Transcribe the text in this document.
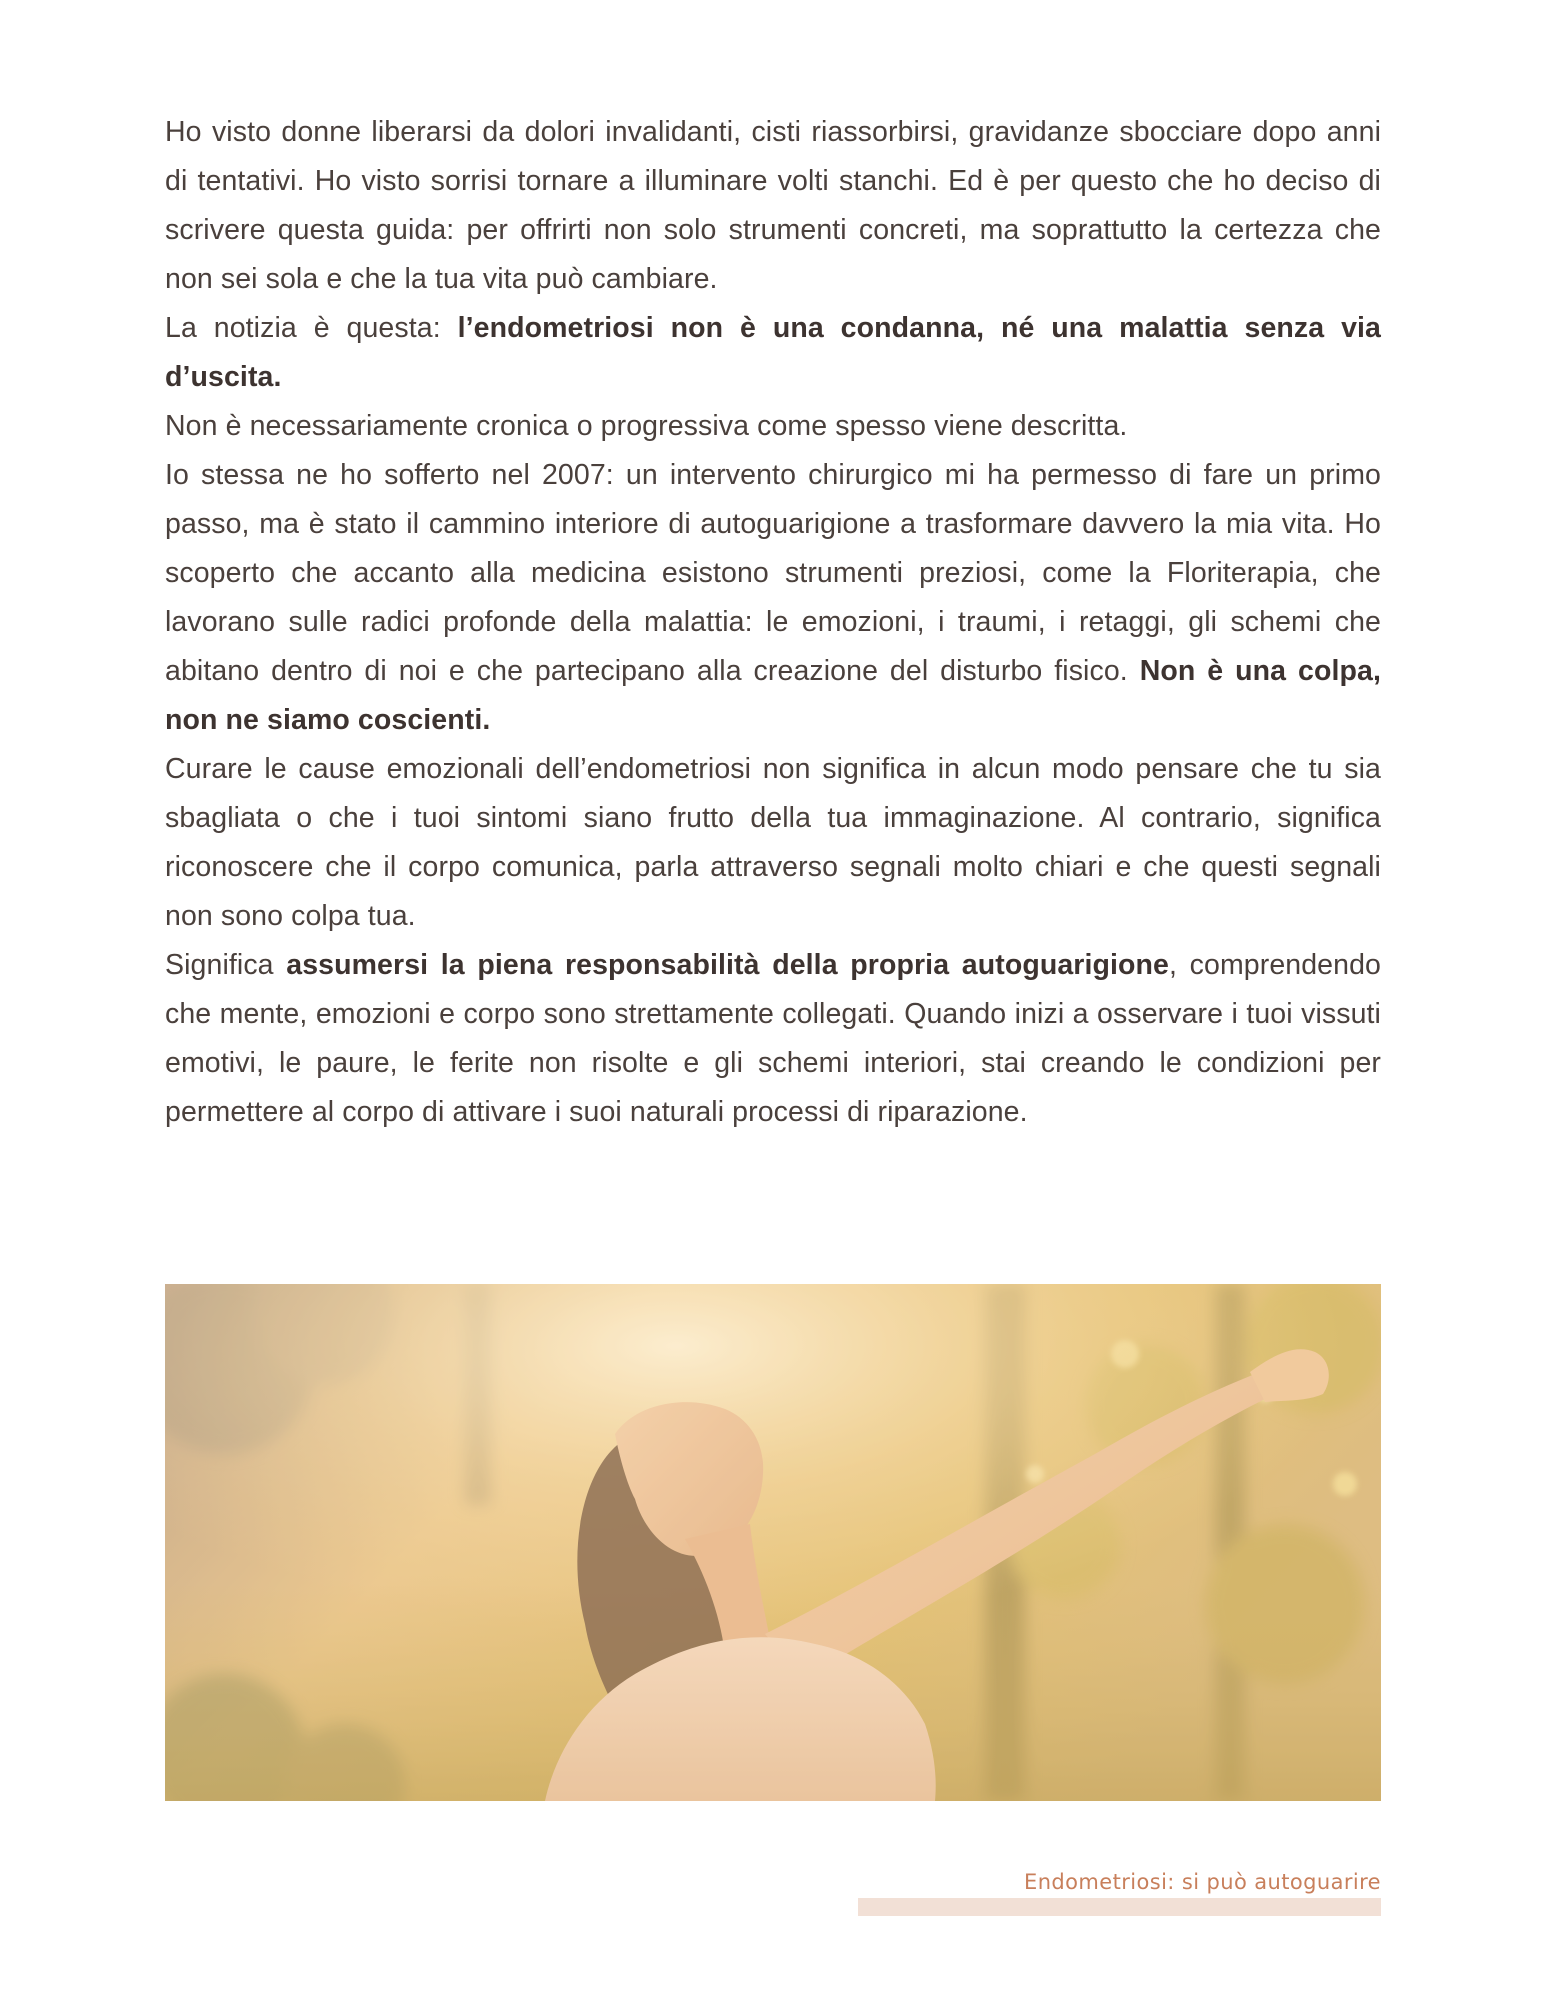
Ho visto donne liberarsi da dolori invalidanti, cisti riassorbirsi, gravidanze sbocciare dopo anni di tentativi. Ho visto sorrisi tornare a illuminare volti stanchi. Ed è per questo che ho deciso di scrivere questa guida: per offrirti non solo strumenti concreti, ma soprattutto la certezza che non sei sola e che la tua vita può cambiare.

La notizia è questa: l’endometriosi non è una condanna, né una malattia senza via d’uscita.

Non è necessariamente cronica o progressiva come spesso viene descritta.

Io stessa ne ho sofferto nel 2007: un intervento chirurgico mi ha permesso di fare un primo passo, ma è stato il cammino interiore di autoguarigione a trasformare davvero la mia vita. Ho scoperto che accanto alla medicina esistono strumenti preziosi, come la Floriterapia, che lavorano sulle radici profonde della malattia: le emozioni, i traumi, i retaggi, gli schemi che abitano dentro di noi e che partecipano alla creazione del disturbo fisico. Non è una colpa, non ne siamo coscienti.

Curare le cause emozionali dell’endometriosi non significa in alcun modo pensare che tu sia sbagliata o che i tuoi sintomi siano frutto della tua immaginazione. Al contrario, significa riconoscere che il corpo comunica, parla attraverso segnali molto chiari e che questi segnali non sono colpa tua.

Significa assumersi la piena responsabilità della propria autoguarigione, comprendendo che mente, emozioni e corpo sono strettamente collegati. Quando inizi a osservare i tuoi vissuti emotivi, le paure, le ferite non risolte e gli schemi interiori, stai creando le condizioni per permettere al corpo di attivare i suoi naturali processi di riparazione.

Endometriosi: si può autoguarire
